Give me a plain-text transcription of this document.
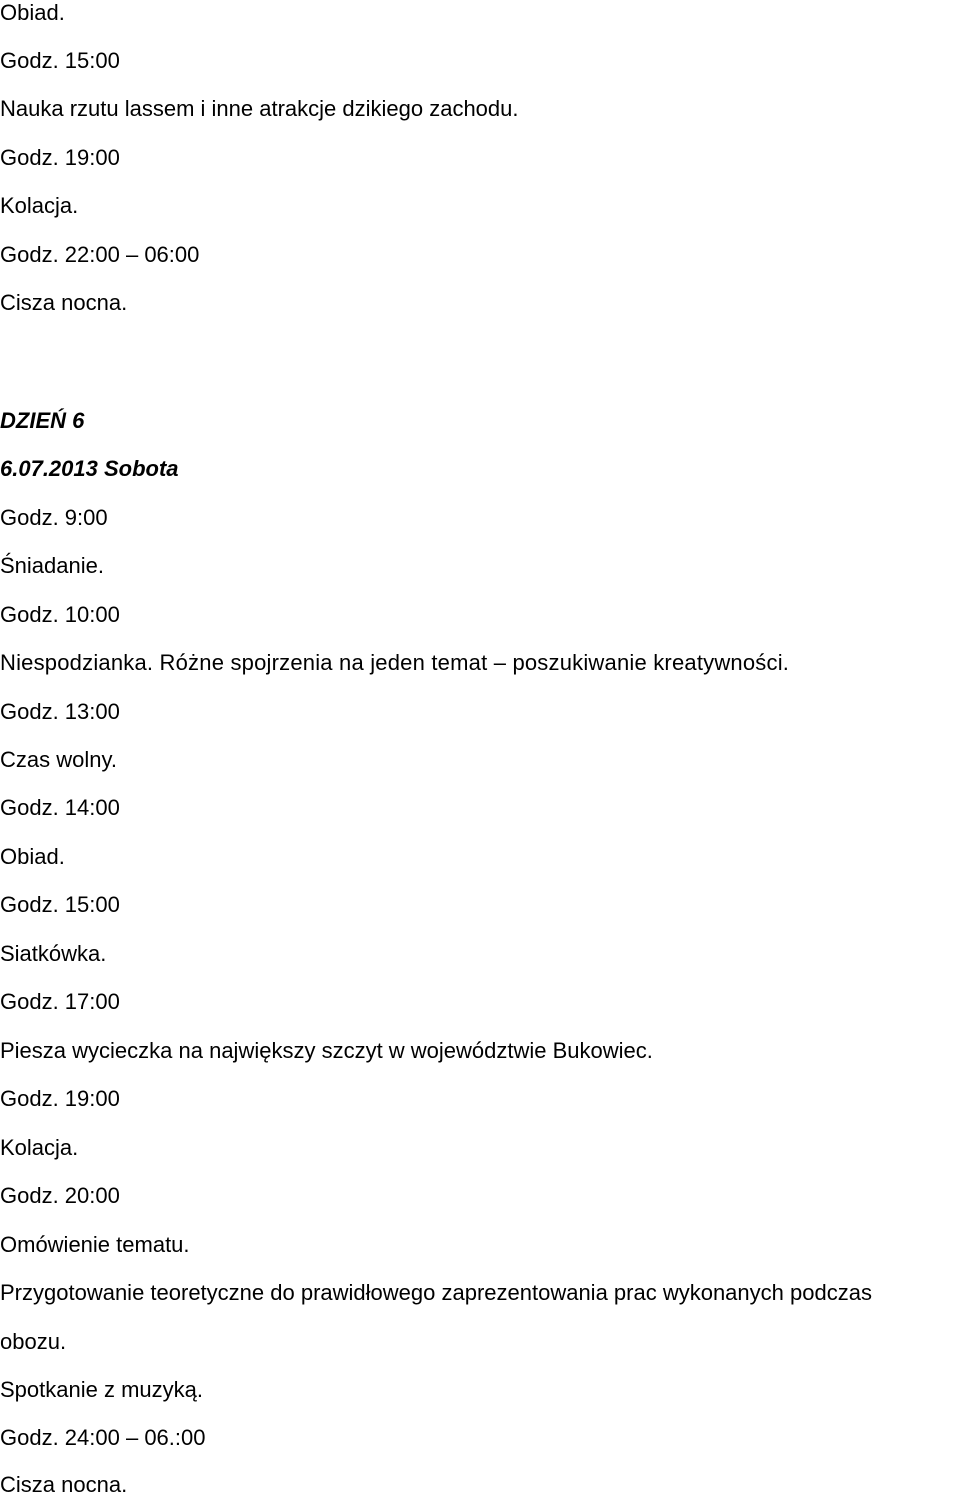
Obiad.

Godz. 15:00

Nauka rzutu lassem i inne atrakcje dzikiego zachodu.

Godz. 19:00

Kolacja.

Godz. 22:00 – 06:00

Cisza nocna.

DZIEŃ 6

6.07.2013 Sobota

Godz. 9:00

Śniadanie.

Godz. 10:00

Niespodzianka. Różne spojrzenia na jeden temat – poszukiwanie kreatywności.

Godz. 13:00

Czas wolny.

Godz. 14:00

Obiad.

Godz. 15:00

Siatkówka.

Godz. 17:00

Piesza wycieczka na największy szczyt w województwie Bukowiec.

Godz. 19:00

Kolacja.

Godz. 20:00

Omówienie tematu.

Przygotowanie teoretyczne do prawidłowego zaprezentowania prac wykonanych podczas

obozu.

Spotkanie z muzyką.

Godz. 24:00 – 06.:00

Cisza nocna.
